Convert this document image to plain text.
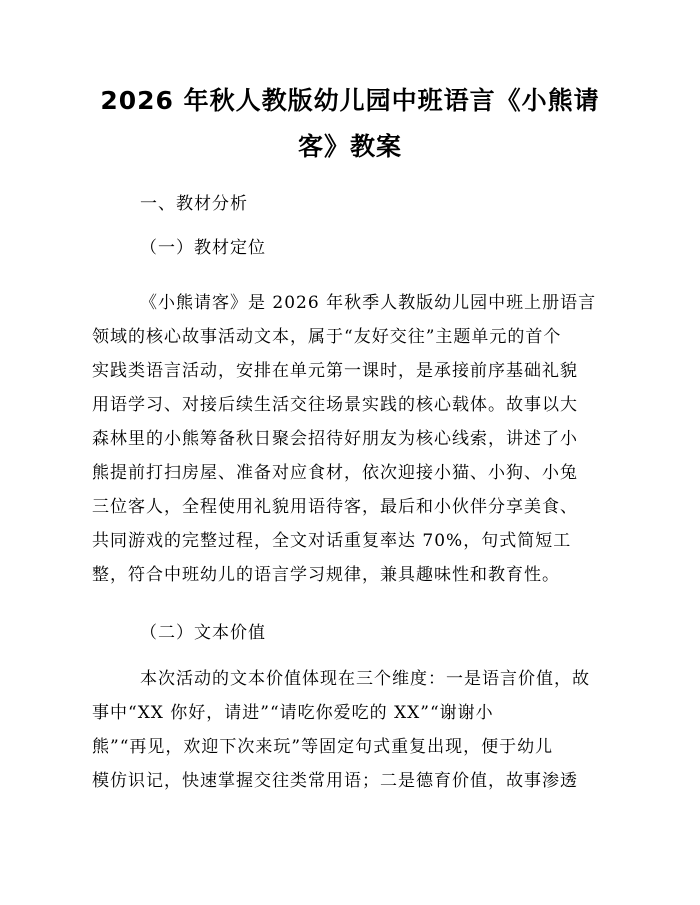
2026 年秋人教版幼儿园中班语言《小熊请
客》教案
一、教材分析
（一）教材定位
《小熊请客》是 2026 年秋季人教版幼儿园中班上册语言
领域的核心故事活动文本，属于“友好交往”主题单元的首个
实践类语言活动，安排在单元第一课时，是承接前序基础礼貌
用语学习、对接后续生活交往场景实践的核心载体。故事以大
森林里的小熊筹备秋日聚会招待好朋友为核心线索，讲述了小
熊提前打扫房屋、准备对应食材，依次迎接小猫、小狗、小兔
三位客人，全程使用礼貌用语待客，最后和小伙伴分享美食、
共同游戏的完整过程，全文对话重复率达 70%，句式简短工
整，符合中班幼儿的语言学习规律，兼具趣味性和教育性。
（二）文本价值
本次活动的文本价值体现在三个维度：一是语言价值，故
事中“XX 你好，请进”“请吃你爱吃的 XX”“谢谢小
熊”“再见，欢迎下次来玩”等固定句式重复出现，便于幼儿
模仿识记，快速掌握交往类常用语；二是德育价值，故事渗透
